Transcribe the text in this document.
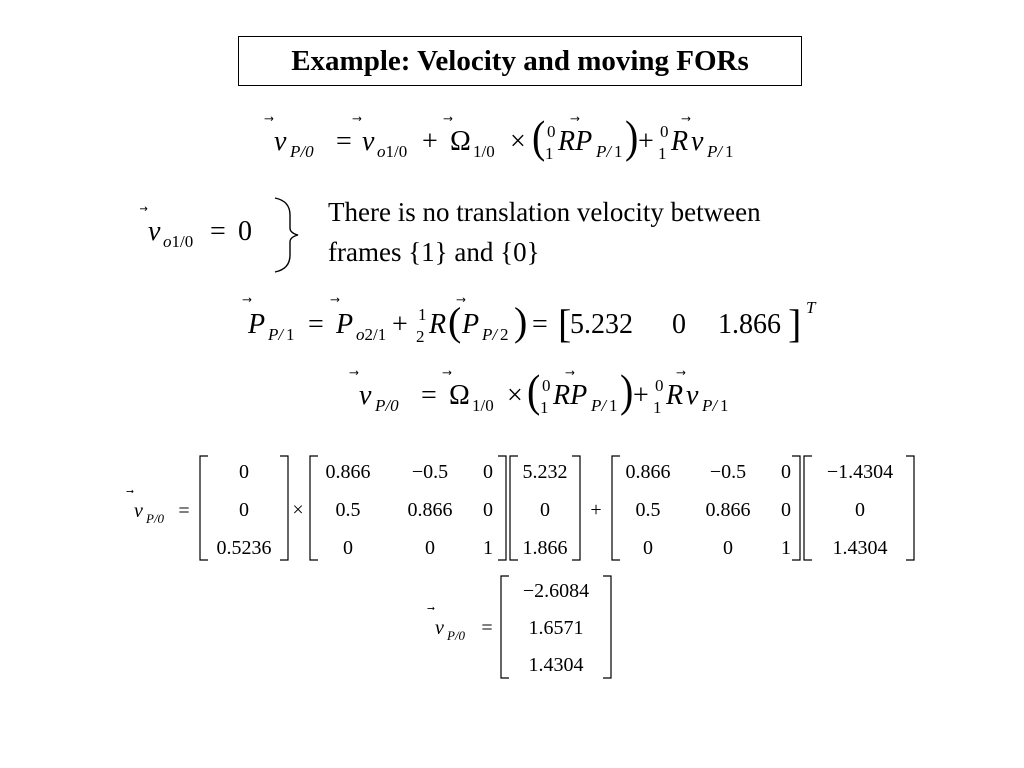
Example: Velocity and moving FORs
v P/0 = v o1/0 + Ω 1/0 × ( 0
1 RP P/ 1 ) + 0
1 R v P/ 1
v o1/0 = 0
There is no translation velocity between
frames {1} and {0}
P P/ 1 = P o2/1 + 1
2 R ( P P/ 2 ) = [
5.232 0 1.866 ] T
v P/0 = Ω 1/0 × ( 0
1 RP P/ 1 ) + 0
1 R v P/ 1
v P/0 =
0
0
0.5236
×
0.866 −0.5 0
0.5 0.866 0
0	0 1
5.232
0
1.866
+
0.866 −0.5 0
0.5 0.866 0
0	0 1
−1.4304
0
1.4304
v P/0 =
−2.6084
1.6571
1.4304
